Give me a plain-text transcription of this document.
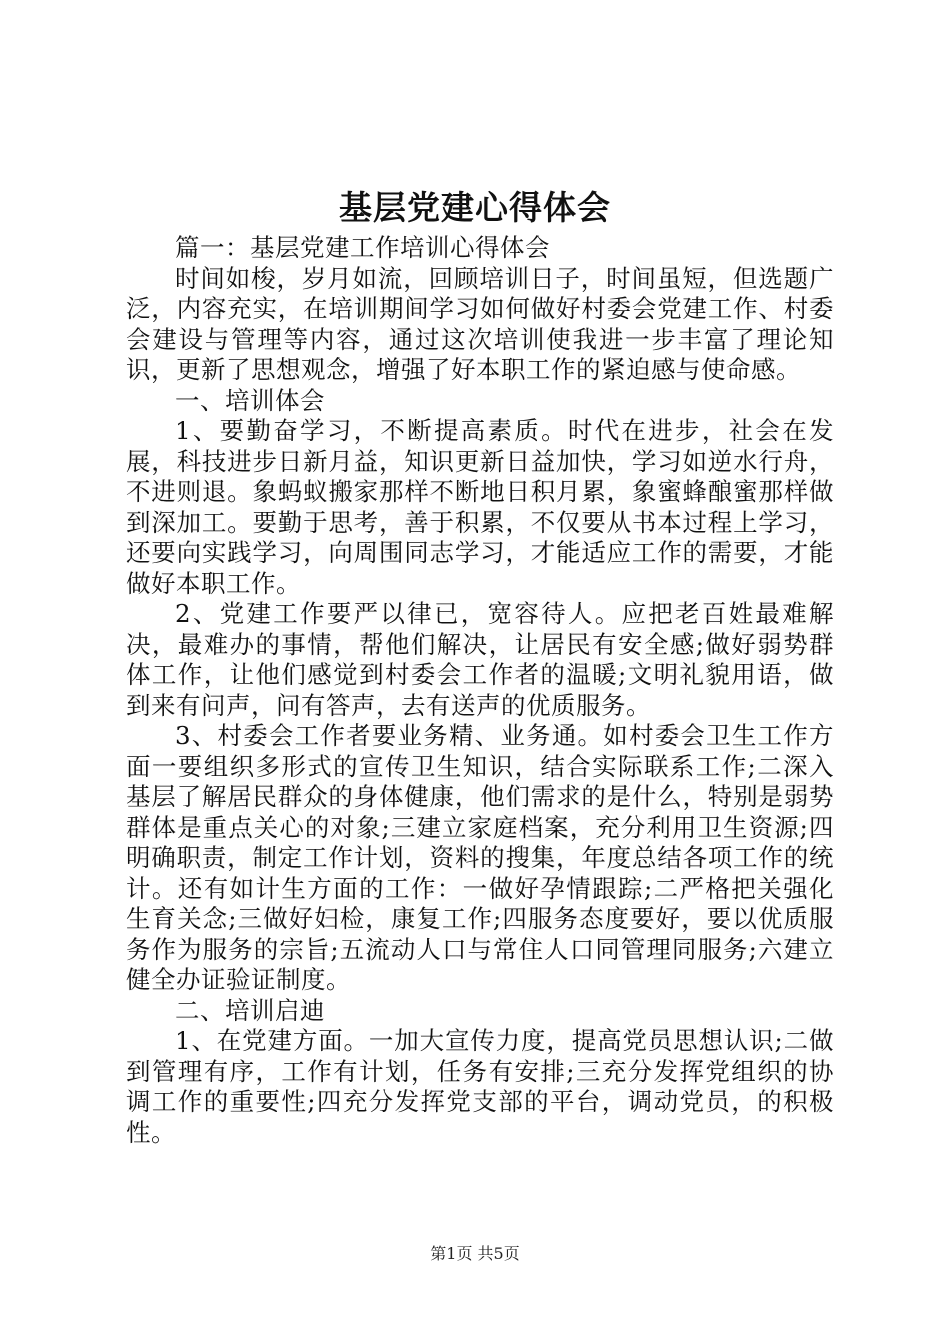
基层党建心得体会

篇一：基层党建工作培训心得体会

时间如梭，岁月如流，回顾培训日子，时间虽短，但选题广泛，内容充实，在培训期间学习如何做好村委会党建工作、村委会建设与管理等内容，通过这次培训使我进一步丰富了理论知识，更新了思想观念，增强了好本职工作的紧迫感与使命感。

一、培训体会

1、要勤奋学习，不断提高素质。时代在进步，社会在发展，科技进步日新月益，知识更新日益加快，学习如逆水行舟，不进则退。象蚂蚁搬家那样不断地日积月累，象蜜蜂酿蜜那样做到深加工。要勤于思考，善于积累，不仅要从书本过程上学习，还要向实践学习，向周围同志学习，才能适应工作的需要，才能做好本职工作。

2、党建工作要严以律已，宽容待人。应把老百姓最难解决，最难办的事情，帮他们解决，让居民有安全感;做好弱势群体工作，让他们感觉到村委会工作者的温暖;文明礼貌用语，做到来有问声，问有答声，去有送声的优质服务。

3、村委会工作者要业务精、业务通。如村委会卫生工作方面一要组织多形式的宣传卫生知识，结合实际联系工作;二深入基层了解居民群众的身体健康，他们需求的是什么，特别是弱势群体是重点关心的对象;三建立家庭档案，充分利用卫生资源;四明确职责，制定工作计划，资料的搜集，年度总结各项工作的统计。还有如计生方面的工作：一做好孕情跟踪;二严格把关强化生育关念;三做好妇检，康复工作;四服务态度要好，要以优质服务作为服务的宗旨;五流动人口与常住人口同管理同服务;六建立健全办证验证制度。

二、培训启迪

1、在党建方面。一加大宣传力度，提高党员思想认识;二做到管理有序，工作有计划，任务有安排;三充分发挥党组织的协调工作的重要性;四充分发挥党支部的平台，调动党员，的积极性。

第1页 共5页
